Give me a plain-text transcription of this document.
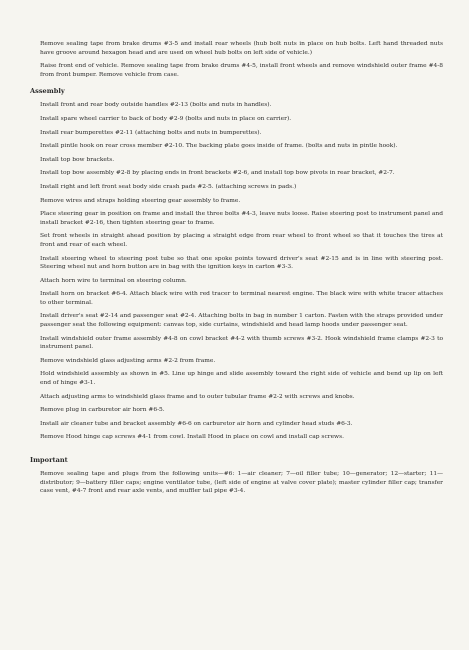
Remove sealing tape from brake drums #3-5 and install rear wheels (hub bolt nuts in place on hub bolts. Left hand threaded nuts have groove around hexagon head and are used on wheel hub bolts on left side of vehicle.)

Raise front end of vehicle. Remove sealing tape from brake drums #4-5, install front wheels and remove windshield outer frame #4-8 from front bumper. Remove vehicle from case.

Assembly

Install front and rear body outside handles #2-13 (bolts and nuts in handles).

Install spare wheel carrier to back of body #2-9 (bolts and nuts in place on carrier).

Install rear bumperettes #2-11 (attaching bolts and nuts in bumperettes).

Install pintle hook on rear cross member #2-10. The backing plate goes inside of frame. (bolts and nuts in pintle hook).

Install top bow brackets.

Install top bow assembly #2-8 by placing ends in front brackets #2-6, and install top bow pivots in rear bracket, #2-7.

Install right and left front seat body side crash pads #2-5. (attaching screws in pads.)

Remove wires and straps holding steering gear assembly to frame.

Place steering gear in position on frame and install the three bolts #4-3, leave nuts loose. Raise steering post to instrument panel and install bracket #2-16, then tighten steering gear to frame.

Set front wheels in straight ahead position by placing a straight edge from rear wheel to front wheel so that it touches the tires at front and rear of each wheel.

Install steering wheel to steering post tube so that one spoke points toward driver's seat #2-15 and is in line with steering post. Steering wheel nut and horn button are in bag with the ignition keys in carton #3-3.

Attach horn wire to terminal on steering column.

Install horn on bracket #6-4. Attach black wire with red tracer to terminal nearest engine. The black wire with white tracer attaches to other terminal.

Install driver's seat #2-14 and passenger seat #2-4. Attaching bolts in bag in number 1 carton. Fasten with the straps provided under passenger seat the following equipment: canvas top, side curtains, windshield and head lamp hoods under passenger seat.

Install windshield outer frame assembly #4-8 on cowl bracket #4-2 with thumb screws #3-2. Hook windshield frame clamps #2-3 to instrument panel.

Remove windshield glass adjusting arms #2-2 from frame.

Hold windshield assembly as shown in #5. Line up hinge and slide assembly toward the right side of vehicle and bend up lip on left end of hinge #3-1.

Attach adjusting arms to windshield glass frame and to outer tubular frame #2-2 with screws and knobs.

Remove plug in carburetor air horn #6-5.

Install air cleaner tube and bracket assembly #6-6 on carburetor air horn and cylinder head studs #6-3.

Remove Hood hinge cap screws #4-1 from cowl. Install Hood in place on cowl and install cap screws.

Important

Remove sealing tape and plugs from the following units—#6: 1—air cleaner; 7—oil filler tube; 10—generator; 12—starter; 11—distributor; 9—battery filler caps; engine ventilator tube, (left side of engine at valve cover plate); master cylinder filler cap; transfer case vent, #4-7 front and rear axle vents, and muffler tail pipe #3-4.
